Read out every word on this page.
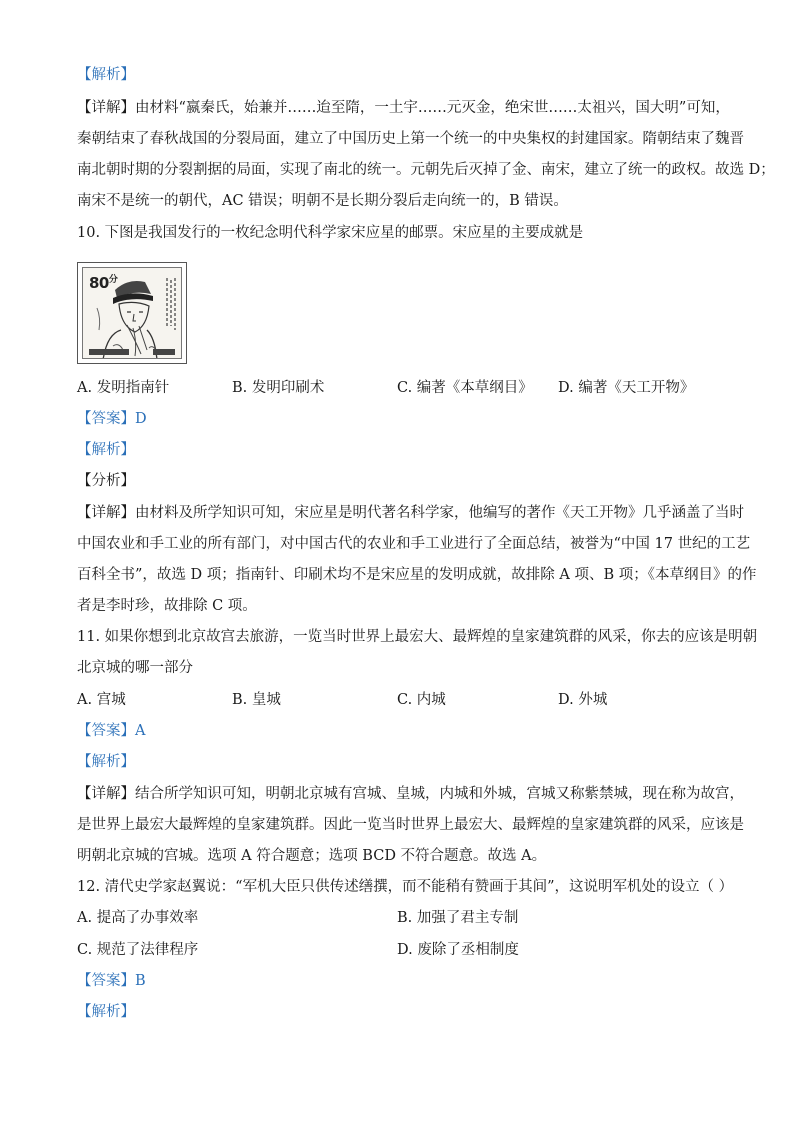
【解析】
【详解】由材料“嬴秦氏，始兼并……迨至隋，一土宇……元灭金，绝宋世……太祖兴，国大明”可知，
秦朝结束了春秋战国的分裂局面，建立了中国历史上第一个统一的中央集权的封建国家。隋朝结束了魏晋
南北朝时期的分裂割据的局面，实现了南北的统一。元朝先后灭掉了金、南宋，建立了统一的政权。故选 D；
南宋不是统一的朝代，AC 错误；明朝不是长期分裂后走向统一的，B 错误。
10. 下图是我国发行的一枚纪念明代科学家宋应星的邮票。宋应星的主要成就是
$80^分$
A. 发明指南针	B. 发明印刷术	C. 编著《本草纲目》 D. 编著《天工开物》
【答案】D
【解析】
【分析】
【详解】由材料及所学知识可知，宋应星是明代著名科学家，他编写的著作《天工开物》几乎涵盖了当时
中国农业和手工业的所有部门，对中国古代的农业和手工业进行了全面总结，被誉为“中国 17 世纪的工艺
百科全书”，故选 D 项；指南针、印刷术均不是宋应星的发明成就，故排除 A 项、B 项；《本草纲目》的作
者是李时珍，故排除 C 项。
11. 如果你想到北京故宫去旅游，一览当时世界上最宏大、最辉煌的皇家建筑群的风采，你去的应该是明朝
北京城的哪一部分
A. 宫城	B. 皇城	C. 内城	D. 外城
【答案】A
【解析】
【详解】结合所学知识可知，明朝北京城有宫城、皇城，内城和外城，宫城又称紫禁城，现在称为故宫，
是世界上最宏大最辉煌的皇家建筑群。因此一览当时世界上最宏大、最辉煌的皇家建筑群的风采，应该是
明朝北京城的宫城。选项 A 符合题意；选项 BCD 不符合题意。故选 A。
12. 清代史学家赵翼说：“军机大臣只供传述缮撰，而不能稍有赞画于其间”，这说明军机处的设立（ ）
A. 提高了办事效率	B. 加强了君主专制
C. 规范了法律程序	D. 废除了丞相制度
【答案】B
【解析】
